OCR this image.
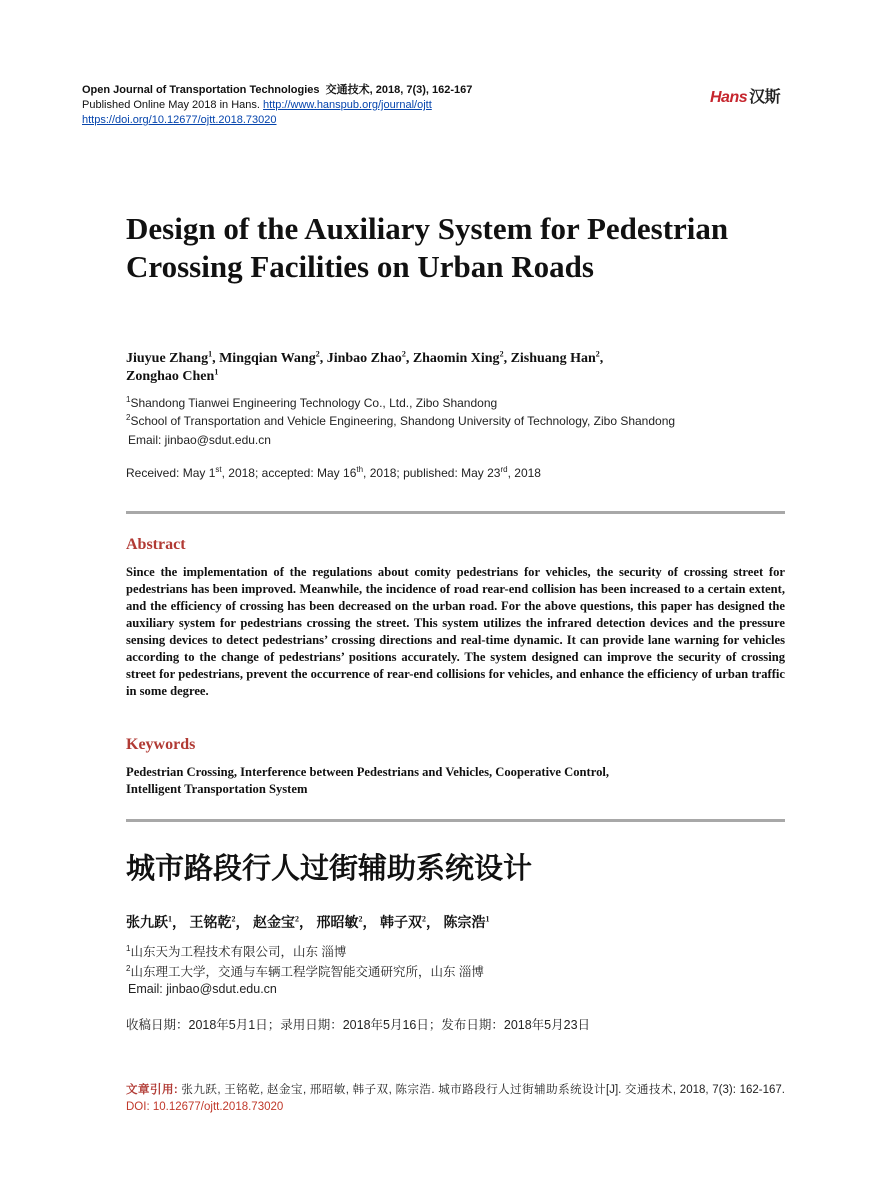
Open Journal of Transportation Technologies 交通技术, 2018, 7(3), 162-167
Published Online May 2018 in Hans. http://www.hanspub.org/journal/ojtt
https://doi.org/10.12677/ojtt.2018.73020
Hans 汉斯
Design of the Auxiliary System for Pedestrian Crossing Facilities on Urban Roads
Jiuyue Zhang$^1$, Mingqian Wang$^2$, Jinbao Zhao$^2$, Zhaomin Xing$^2$, Zishuang Han$^2$,
Zonghao Chen$^1$
$^1$Shandong Tianwei Engineering Technology Co., Ltd., Zibo Shandong
$^2$School of Transportation and Vehicle Engineering, Shandong University of Technology, Zibo Shandong
Email: jinbao@sdut.edu.cn
Received: May 1st, 2018; accepted: May 16th, 2018; published: May 23rd, 2018
Abstract
Since the implementation of the regulations about comity pedestrians for vehicles, the security of crossing street for pedestrians has been improved. Meanwhile, the incidence of road rear-end collision has been increased to a certain extent, and the efficiency of crossing has been decreased on the urban road. For the above questions, this paper has designed the auxiliary system for pedestrians crossing the street. This system utilizes the infrared detection devices and the pressure sensing devices to detect pedestrians’ crossing directions and real-time dynamic. It can provide lane warning for vehicles according to the change of pedestrians’ positions accurately. The system designed can improve the security of crossing street for pedestrians, prevent the occurrence of rear-end collisions for vehicles, and enhance the efficiency of urban traffic in some degree.
Keywords
Pedestrian Crossing, Interference between Pedestrians and Vehicles, Cooperative Control,
Intelligent Transportation System
城市路段行人过街辅助系统设计
张九跃$^1$， 王铭乾$^2$， 赵金宝$^2$， 邢昭敏$^2$， 韩子双$^2$， 陈宗浩$^1$
$^1$山东天为工程技术有限公司，山东 淄博
$^2$山东理工大学，交通与车辆工程学院智能交通研究所，山东 淄博
Email: jinbao@sdut.edu.cn
收稿日期：2018年5月1日；录用日期：2018年5月16日；发布日期：2018年5月23日
文章引用: 张九跃, 王铭乾, 赵金宝, 邢昭敏, 韩子双, 陈宗浩. 城市路段行人过街辅助系统设计[J]. 交通技术, 2018, 7(3): 162-167. DOI: 10.12677/ojtt.2018.73020
